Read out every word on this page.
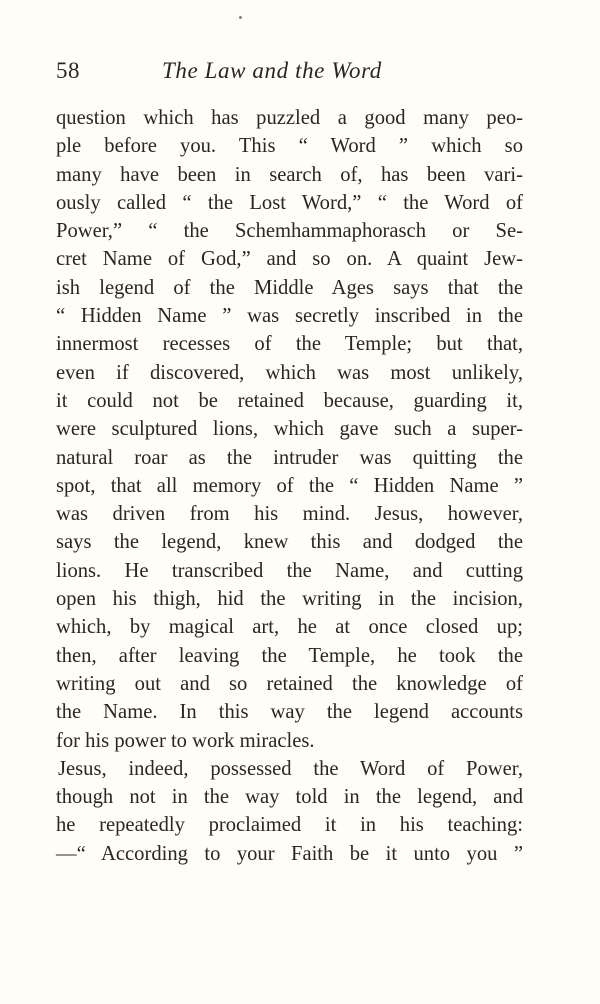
58	The Law and the Word
question which has puzzled a good many peo-
ple before you. This “ Word ” which so
many have been in search of, has been vari-
ously called “ the Lost Word,” “ the Word of
Power,” “ the Schemhammaphorasch or Se-
cret Name of God,” and so on. A quaint Jew-
ish legend of the Middle Ages says that the
“ Hidden Name ” was secretly inscribed in the
innermost recesses of the Temple; but that,
even if discovered, which was most unlikely,
it could not be retained because, guarding it,
were sculptured lions, which gave such a super-
natural roar as the intruder was quitting the
spot, that all memory of the “ Hidden Name ”
was driven from his mind. Jesus, however,
says the legend, knew this and dodged the
lions. He transcribed the Name, and cutting
open his thigh, hid the writing in the incision,
which, by magical art, he at once closed up;
then, after leaving the Temple, he took the
writing out and so retained the knowledge of
the Name. In this way the legend accounts
for his power to work miracles.
Jesus, indeed, possessed the Word of Power,
though not in the way told in the legend, and
he repeatedly proclaimed it in his teaching:
—“ According to your Faith be it unto you ”
